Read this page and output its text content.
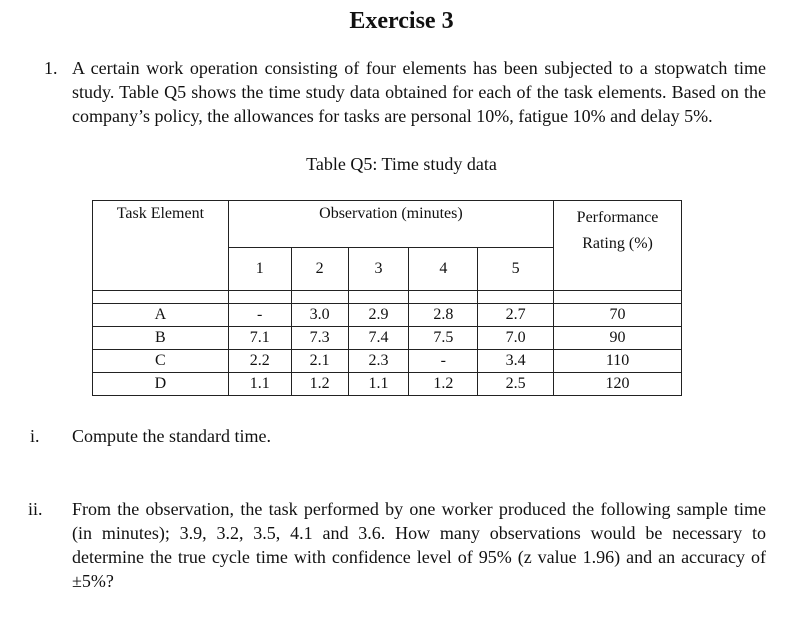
Exercise 3
1. A certain work operation consisting of four elements has been subjected to a stopwatch time study. Table Q5 shows the time study data obtained for each of the task elements. Based on the company’s policy, the allowances for tasks are personal 10%, fatigue 10% and delay 5%.
Table Q5: Time study data
Task Element	Observation (minutes)					Performance Rating (%)
	1	2	3	4	5	

A	-	3.0	2.9	2.8	2.7	70
B	7.1	7.3	7.4	7.5	7.0	90
C	2.2	2.1	2.3	-	3.4	110
D	1.1	1.2	1.1	1.2	2.5	120
i. Compute the standard time.
ii. From the observation, the task performed by one worker produced the following sample time (in minutes); 3.9, 3.2, 3.5, 4.1 and 3.6. How many observations would be necessary to determine the true cycle time with confidence level of 95% (z value 1.96) and an accuracy of ±5%?
